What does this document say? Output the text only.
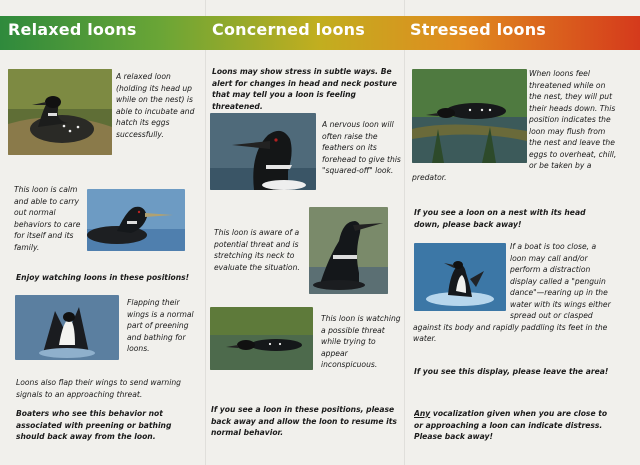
Relaxed loons	Concerned loons	Stressed loons
A relaxed loon (holding its head up while on the nest) is able to incubate and hatch its eggs successfully.
This loon is calm and able to carry out normal behaviors to care for itself and its family.
Enjoy watching loons in these positions!
Flapping their wings is a normal part of preening and bathing for loons.
Loons also flap their wings to send warning signals to an approaching threat.
Boaters who see this behavior not associated with preening or bathing should back away from the loon.
Loons may show stress in subtle ways. Be alert for changes in head and neck posture that may tell you a loon is feeling threatened.
A nervous loon will often raise the feathers on its forehead to give this "squared-off" look.
This loon is aware of a potential threat and is stretching its neck to evaluate the situation.
This loon is watching a possible threat while trying to appear inconspicuous.
If you see a loon in these positions, please back away and allow the loon to resume its normal behavior.
When loons feel threatened while on the nest, they will put their heads down. This position indicates the loon may flush from the nest and leave the eggs to overheat, chill, or be taken by a predator.
If you see a loon on a nest with its head down, please back away!
If a boat is too close, a loon may call and/or perform a distraction display called a "penguin dance"—rearing up in the water with its wings either spread out or clasped against its body and rapidly paddling its feet in the water.
If you see this display, please leave the area!
Any vocalization given when you are close to or approaching a loon can indicate distress. Please back away!
